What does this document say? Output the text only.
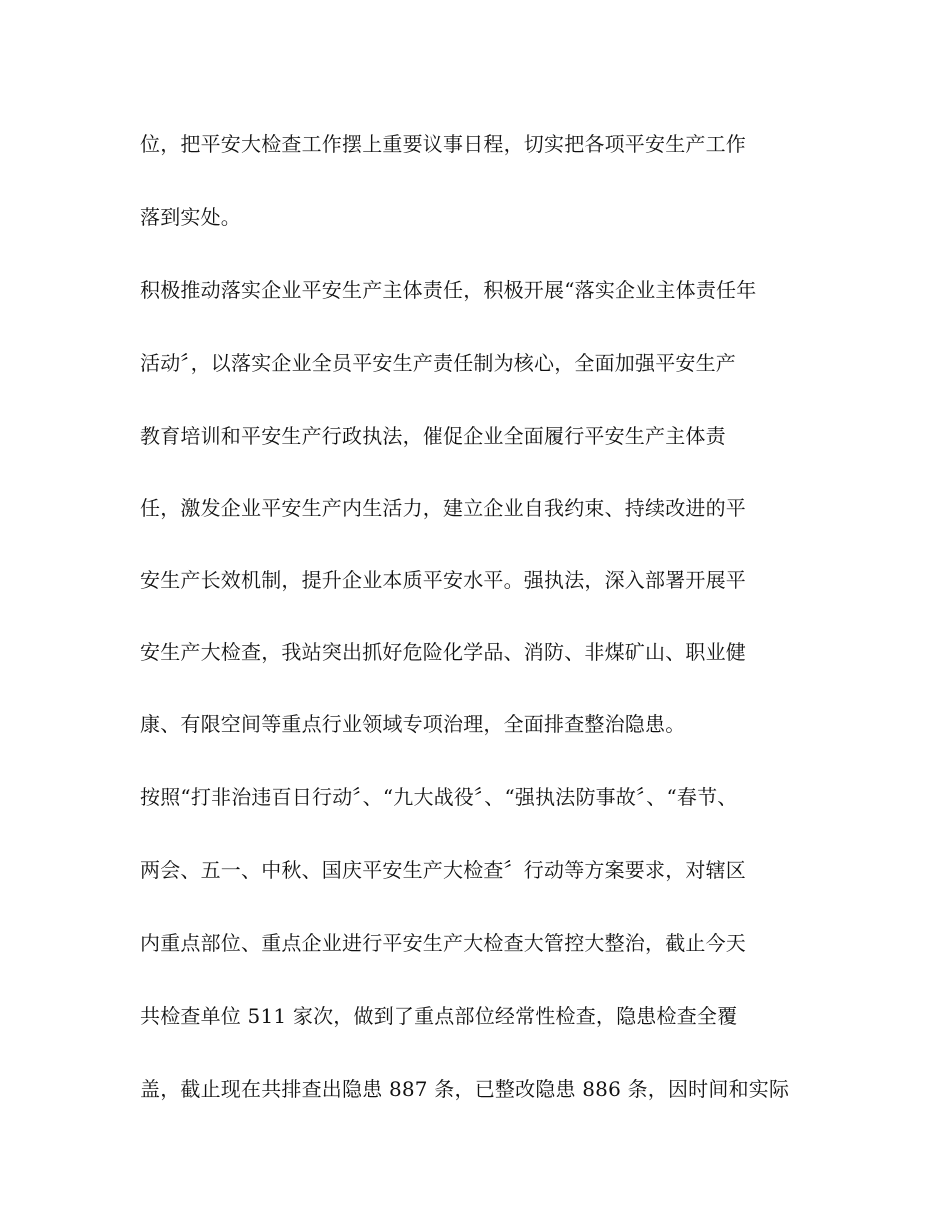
位，把平安大检查工作摆上重要议事日程，切实把各项平安生产工作
落到实处。
积极推动落实企业平安生产主体责任，积极开展“落实企业主体责任年
活动〞，以落实企业全员平安生产责任制为核心，全面加强平安生产
教育培训和平安生产行政执法，催促企业全面履行平安生产主体责
任，激发企业平安生产内生活力，建立企业自我约束、持续改进的平
安生产长效机制，提升企业本质平安水平。强执法，深入部署开展平
安生产大检查，我站突出抓好危险化学品、消防、非煤矿山、职业健
康、有限空间等重点行业领域专项治理，全面排查整治隐患。
按照“打非治违百日行动〞、“九大战役〞、“强执法防事故〞、“春节、
两会、五一、中秋、国庆平安生产大检查〞行动等方案要求，对辖区
内重点部位、重点企业进行平安生产大检查大管控大整治，截止今天
共检查单位 511 家次，做到了重点部位经常性检查，隐患检查全覆
盖，截止现在共排查出隐患 887 条，已整改隐患 886 条，因时间和实际
